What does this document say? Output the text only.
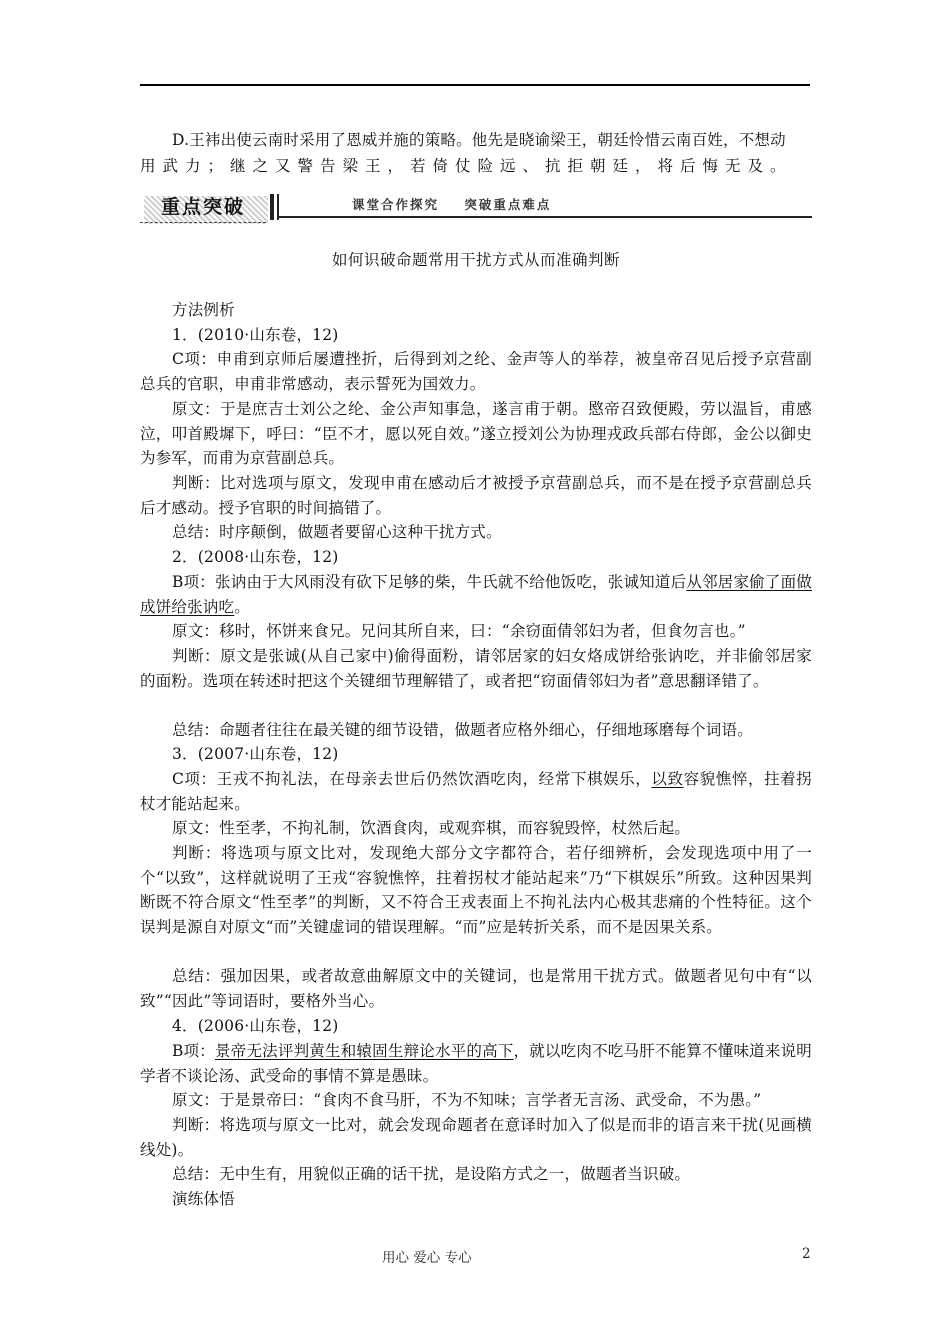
D.王袆出使云南时采用了恩威并施的策略。他先是晓谕梁王，朝廷怜惜云南百姓，不想动

用武力；继之又警告梁王，若倚仗险远、抗拒朝廷，将后悔无及。

重点突破	课堂合作探究    突破重点难点
如何识破命题常用干扰方式从而准确判断

方法例析

1．(2010·山东卷，12)

C项：申甫到京师后屡遭挫折，后得到刘之纶、金声等人的举荐，被皇帝召见后授予京营副总兵的官职，申甫非常感动，表示誓死为国效力。

原文：于是庶吉士刘公之纶、金公声知事急，遂言甫于朝。愍帝召致便殿，劳以温旨，甫感泣，叩首殿墀下，呼曰：“臣不才，愿以死自效。”遂立授刘公为协理戎政兵部右侍郎，金公以御史为参军，而甫为京营副总兵。

判断：比对选项与原文，发现申甫在感动后才被授予京营副总兵，而不是在授予京营副总兵后才感动。授予官职的时间搞错了。

总结：时序颠倒，做题者要留心这种干扰方式。

2．(2008·山东卷，12)

B项：张讷由于大风雨没有砍下足够的柴，牛氏就不给他饭吃，张诚知道后从邻居家偷了面做成饼给张讷吃。

原文：移时，怀饼来食兄。兄问其所自来，曰：“余窃面倩邻妇为者，但食勿言也。”

判断：原文是张诚(从自己家中)偷得面粉，请邻居家的妇女烙成饼给张讷吃，并非偷邻居家的面粉。选项在转述时把这个关键细节理解错了，或者把“窃面倩邻妇为者”意思翻译错了。

总结：命题者往往在最关键的细节设错，做题者应格外细心，仔细地琢磨每个词语。

3．(2007·山东卷，12)

C项：王戎不拘礼法，在母亲去世后仍然饮酒吃肉，经常下棋娱乐，以致容貌憔悴，拄着拐杖才能站起来。

原文：性至孝，不拘礼制，饮酒食肉，或观弈棋，而容貌毁悴，杖然后起。

判断：将选项与原文比对，发现绝大部分文字都符合，若仔细辨析，会发现选项中用了一个“以致”，这样就说明了王戎“容貌憔悴，拄着拐杖才能站起来”乃“下棋娱乐”所致。这种因果判断既不符合原文“性至孝”的判断，又不符合王戎表面上不拘礼法内心极其悲痛的个性特征。这个误判是源自对原文“而”关键虚词的错误理解。“而”应是转折关系，而不是因果关系。

总结：强加因果，或者故意曲解原文中的关键词，也是常用干扰方式。做题者见句中有“以致”“因此”等词语时，要格外当心。

4．(2006·山东卷，12)

B项：景帝无法评判黄生和辕固生辩论水平的高下，就以吃肉不吃马肝不能算不懂味道来说明学者不谈论汤、武受命的事情不算是愚昧。

原文：于是景帝曰：“食肉不食马肝，不为不知味；言学者无言汤、武受命，不为愚。”

判断：将选项与原文一比对，就会发现命题者在意译时加入了似是而非的语言来干扰(见画横线处)。

总结：无中生有，用貌似正确的话干扰，是设陷方式之一，做题者当识破。

演练体悟

用心 爱心 专心	2
